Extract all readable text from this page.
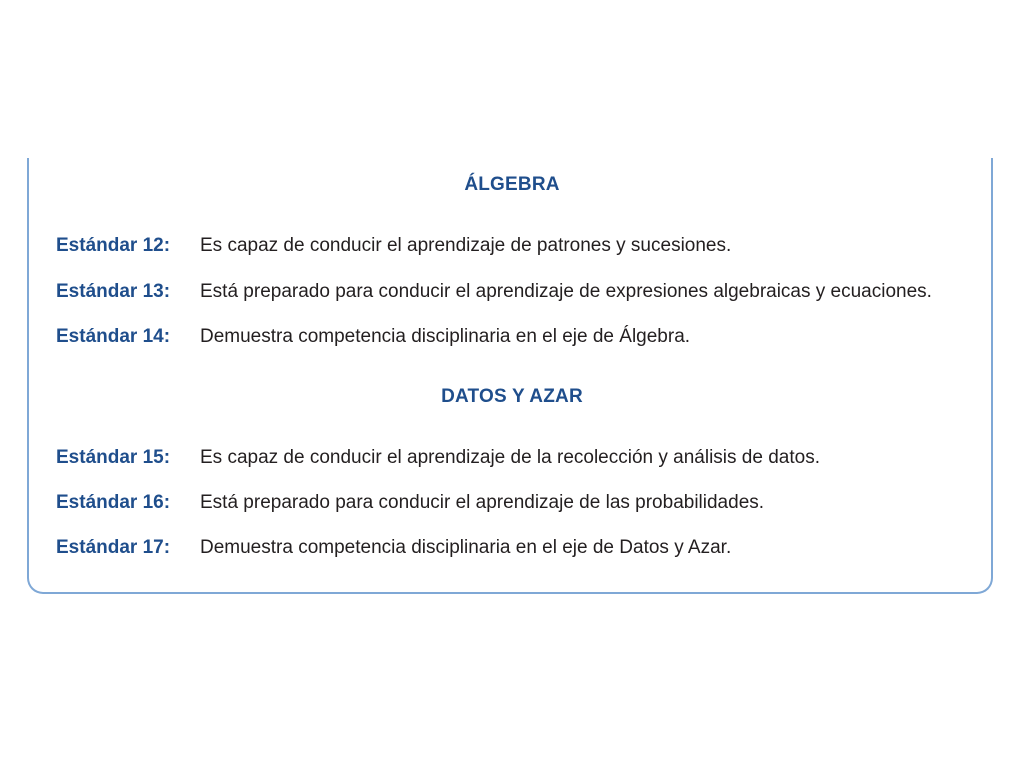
ÁLGEBRA
Estándar 12:	Es capaz de conducir el aprendizaje de patrones y sucesiones.
Estándar 13:	Está preparado para conducir el aprendizaje de expresiones algebraicas y ecuaciones.
Estándar 14:	Demuestra competencia disciplinaria en el eje de Álgebra.
DATOS Y AZAR
Estándar 15:	Es capaz de conducir el aprendizaje de la recolección y análisis de datos.
Estándar 16:	Está preparado para conducir el aprendizaje de las probabilidades.
Estándar 17:	Demuestra competencia disciplinaria en el eje de Datos y Azar.
